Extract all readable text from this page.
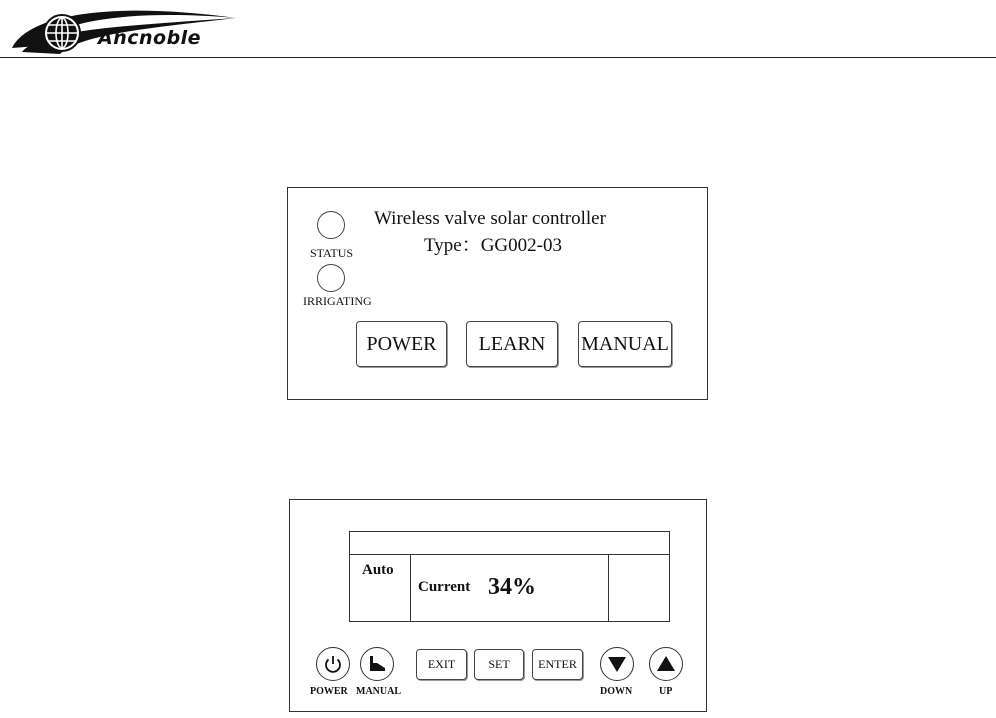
Ancnoble
STATUS
IRRIGATING
Wireless valve solar controller
Type：GG002-03
POWER	LEARN	MANUAL
Auto
Current 34%
POWER MANUAL
EXIT	SET	ENTER
DOWN	UP
